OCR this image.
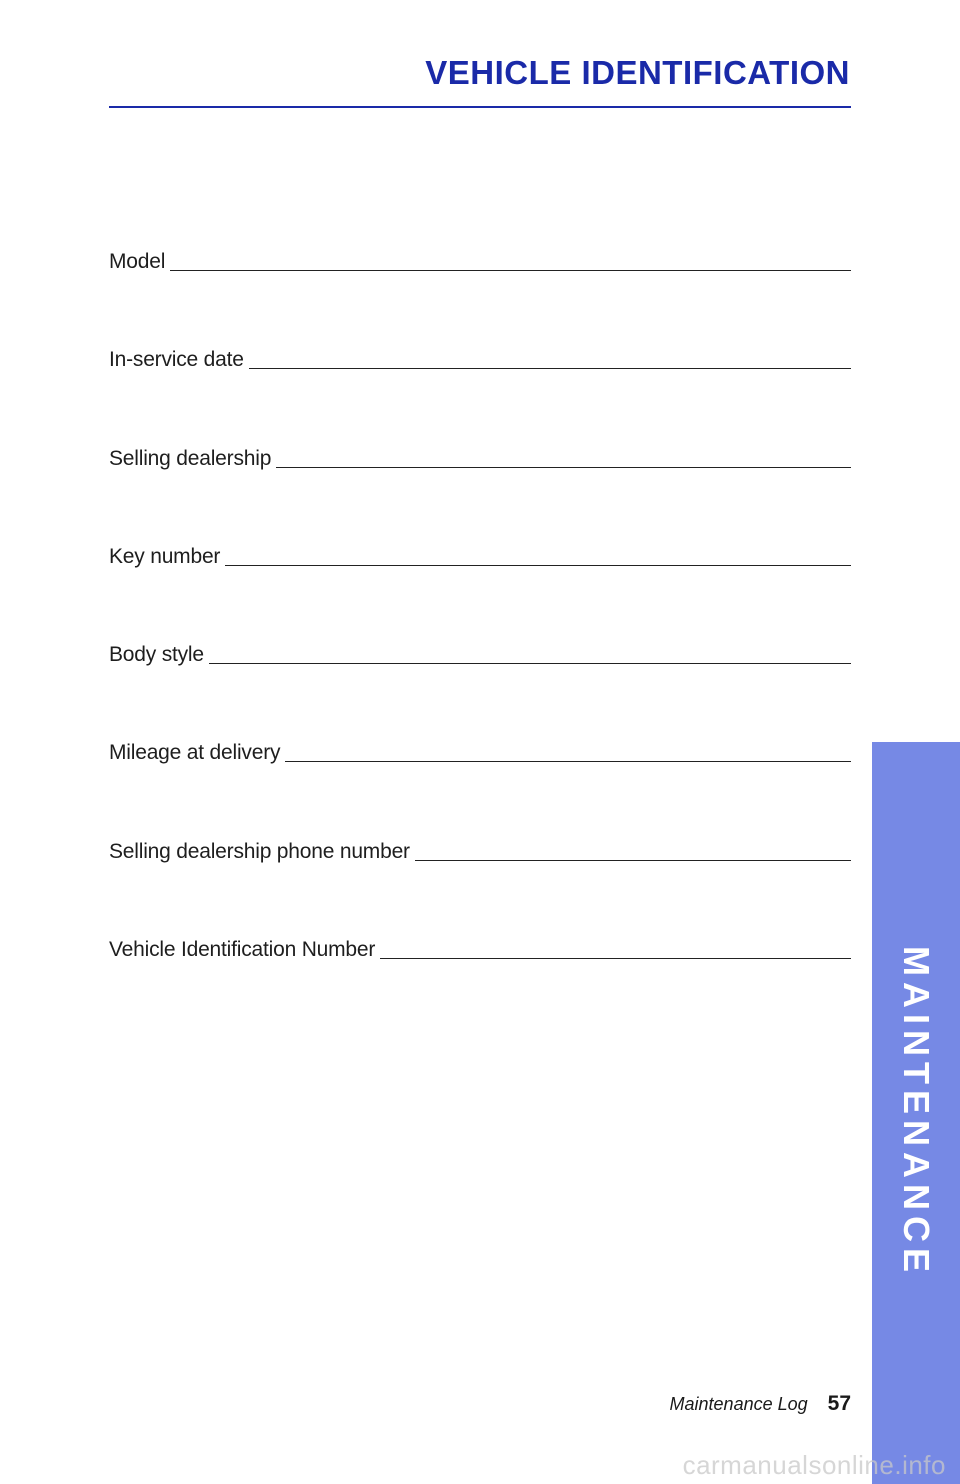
VEHICLE IDENTIFICATION
Model
In-service date
Selling dealership
Key number
Body style
Mileage at delivery
Selling dealership phone number
Vehicle Identification Number	MAINTENANCE
Maintenance Log 57
carmanualsonline.info
